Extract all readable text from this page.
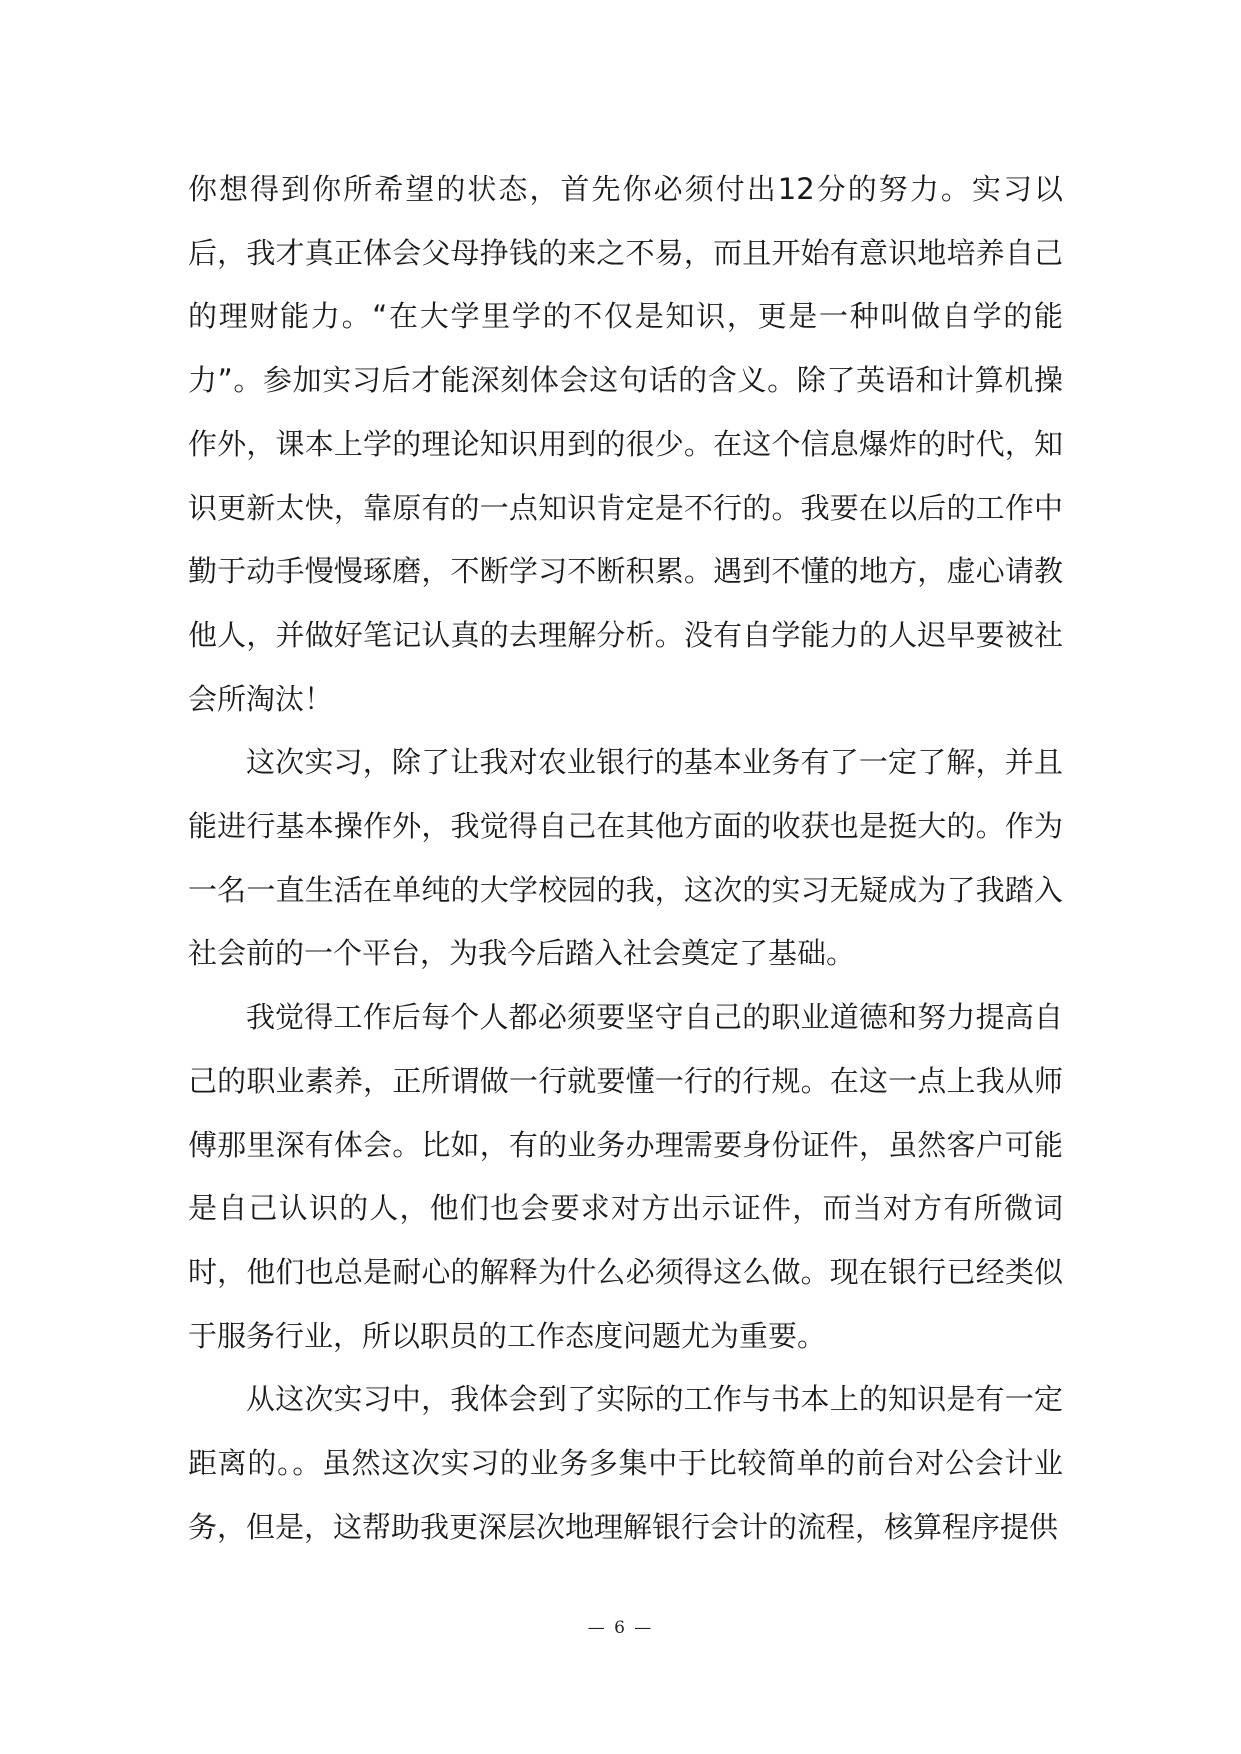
你想得到你所希望的状态，首先你必须付出12分的努力。实习以后，我才真正体会父母挣钱的来之不易，而且开始有意识地培养自己的理财能力。“在大学里学的不仅是知识，更是一种叫做自学的能力”。参加实习后才能深刻体会这句话的含义。除了英语和计算机操作外，课本上学的理论知识用到的很少。在这个信息爆炸的时代，知识更新太快，靠原有的一点知识肯定是不行的。我要在以后的工作中勤于动手慢慢琢磨，不断学习不断积累。遇到不懂的地方，虚心请教他人，并做好笔记认真的去理解分析。没有自学能力的人迟早要被社会所淘汰！

这次实习，除了让我对农业银行的基本业务有了一定了解，并且能进行基本操作外，我觉得自己在其他方面的收获也是挺大的。作为一名一直生活在单纯的大学校园的我，这次的实习无疑成为了我踏入社会前的一个平台，为我今后踏入社会奠定了基础。

我觉得工作后每个人都必须要坚守自己的职业道德和努力提高自己的职业素养，正所谓做一行就要懂一行的行规。在这一点上我从师傅那里深有体会。比如，有的业务办理需要身份证件，虽然客户可能是自己认识的人，他们也会要求对方出示证件，而当对方有所微词时，他们也总是耐心的解释为什么必须得这么做。现在银行已经类似于服务行业，所以职员的工作态度问题尤为重要。

从这次实习中，我体会到了实际的工作与书本上的知识是有一定距离的。。虽然这次实习的业务多集中于比较简单的前台对公会计业务，但是，这帮助我更深层次地理解银行会计的流程，核算程序提供

— 6 —
